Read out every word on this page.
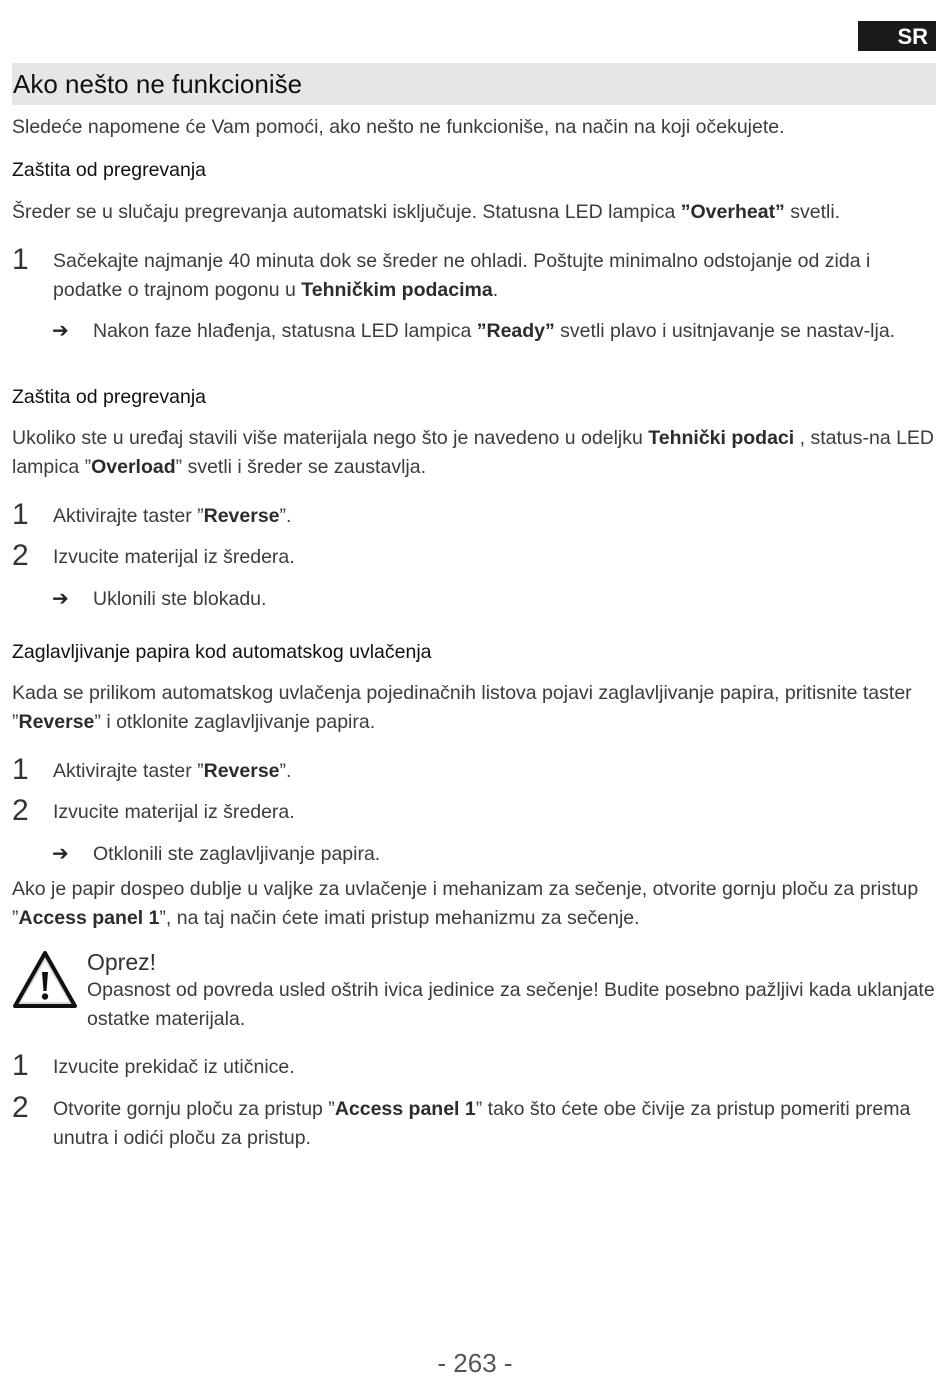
SR
Ako nešto ne funkcioniše
Sledeće napomene će Vam pomoći, ako nešto ne funkcioniše, na način na koji očekujete.
Zaštita od pregrevanja
Šreder se u slučaju pregrevanja automatski isključuje. Statusna LED lampica ”Overheat” svetli.
1 Sačekajte najmanje 40 minuta dok se šreder ne ohladi. Poštujte minimalno odstojanje od zida i podatke o trajnom pogonu u Tehničkim podacima.
➔ Nakon faze hlađenja, statusna LED lampica ”Ready” svetli plavo i usitnjavanje se nastav-lja.
Zaštita od pregrevanja
Ukoliko ste u uređaj stavili više materijala nego što je navedeno u odeljku Tehnički podaci , status-na LED lampica ”Overload” svetli i šreder se zaustavlja.
1 Aktivirajte taster ”Reverse”.
2 Izvucite materijal iz šredera.
➔ Uklonili ste blokadu.
Zaglavljivanje papira kod automatskog uvlačenja
Kada se prilikom automatskog uvlačenja pojedinačnih listova pojavi zaglavljivanje papira, pritisnite taster ”Reverse” i otklonite zaglavljivanje papira.
1 Aktivirajte taster ”Reverse”.
2 Izvucite materijal iz šredera.
➔ Otklonili ste zaglavljivanje papira.
Ako je papir dospeo dublje u valjke za uvlačenje i mehanizam za sečenje, otvorite gornju ploču za pristup ”Access panel 1”, na taj način ćete imati pristup mehanizmu za sečenje.
Oprez!
Opasnost od povreda usled oštrih ivica jedinice za sečenje! Budite posebno pažljivi kada uklanjate ostatke materijala.
1 Izvucite prekidač iz utičnice.
2 Otvorite gornju ploču za pristup ”Access panel 1” tako što ćete obe čivije za pristup pomeriti prema unutra i odići ploču za pristup.
- 263 -
